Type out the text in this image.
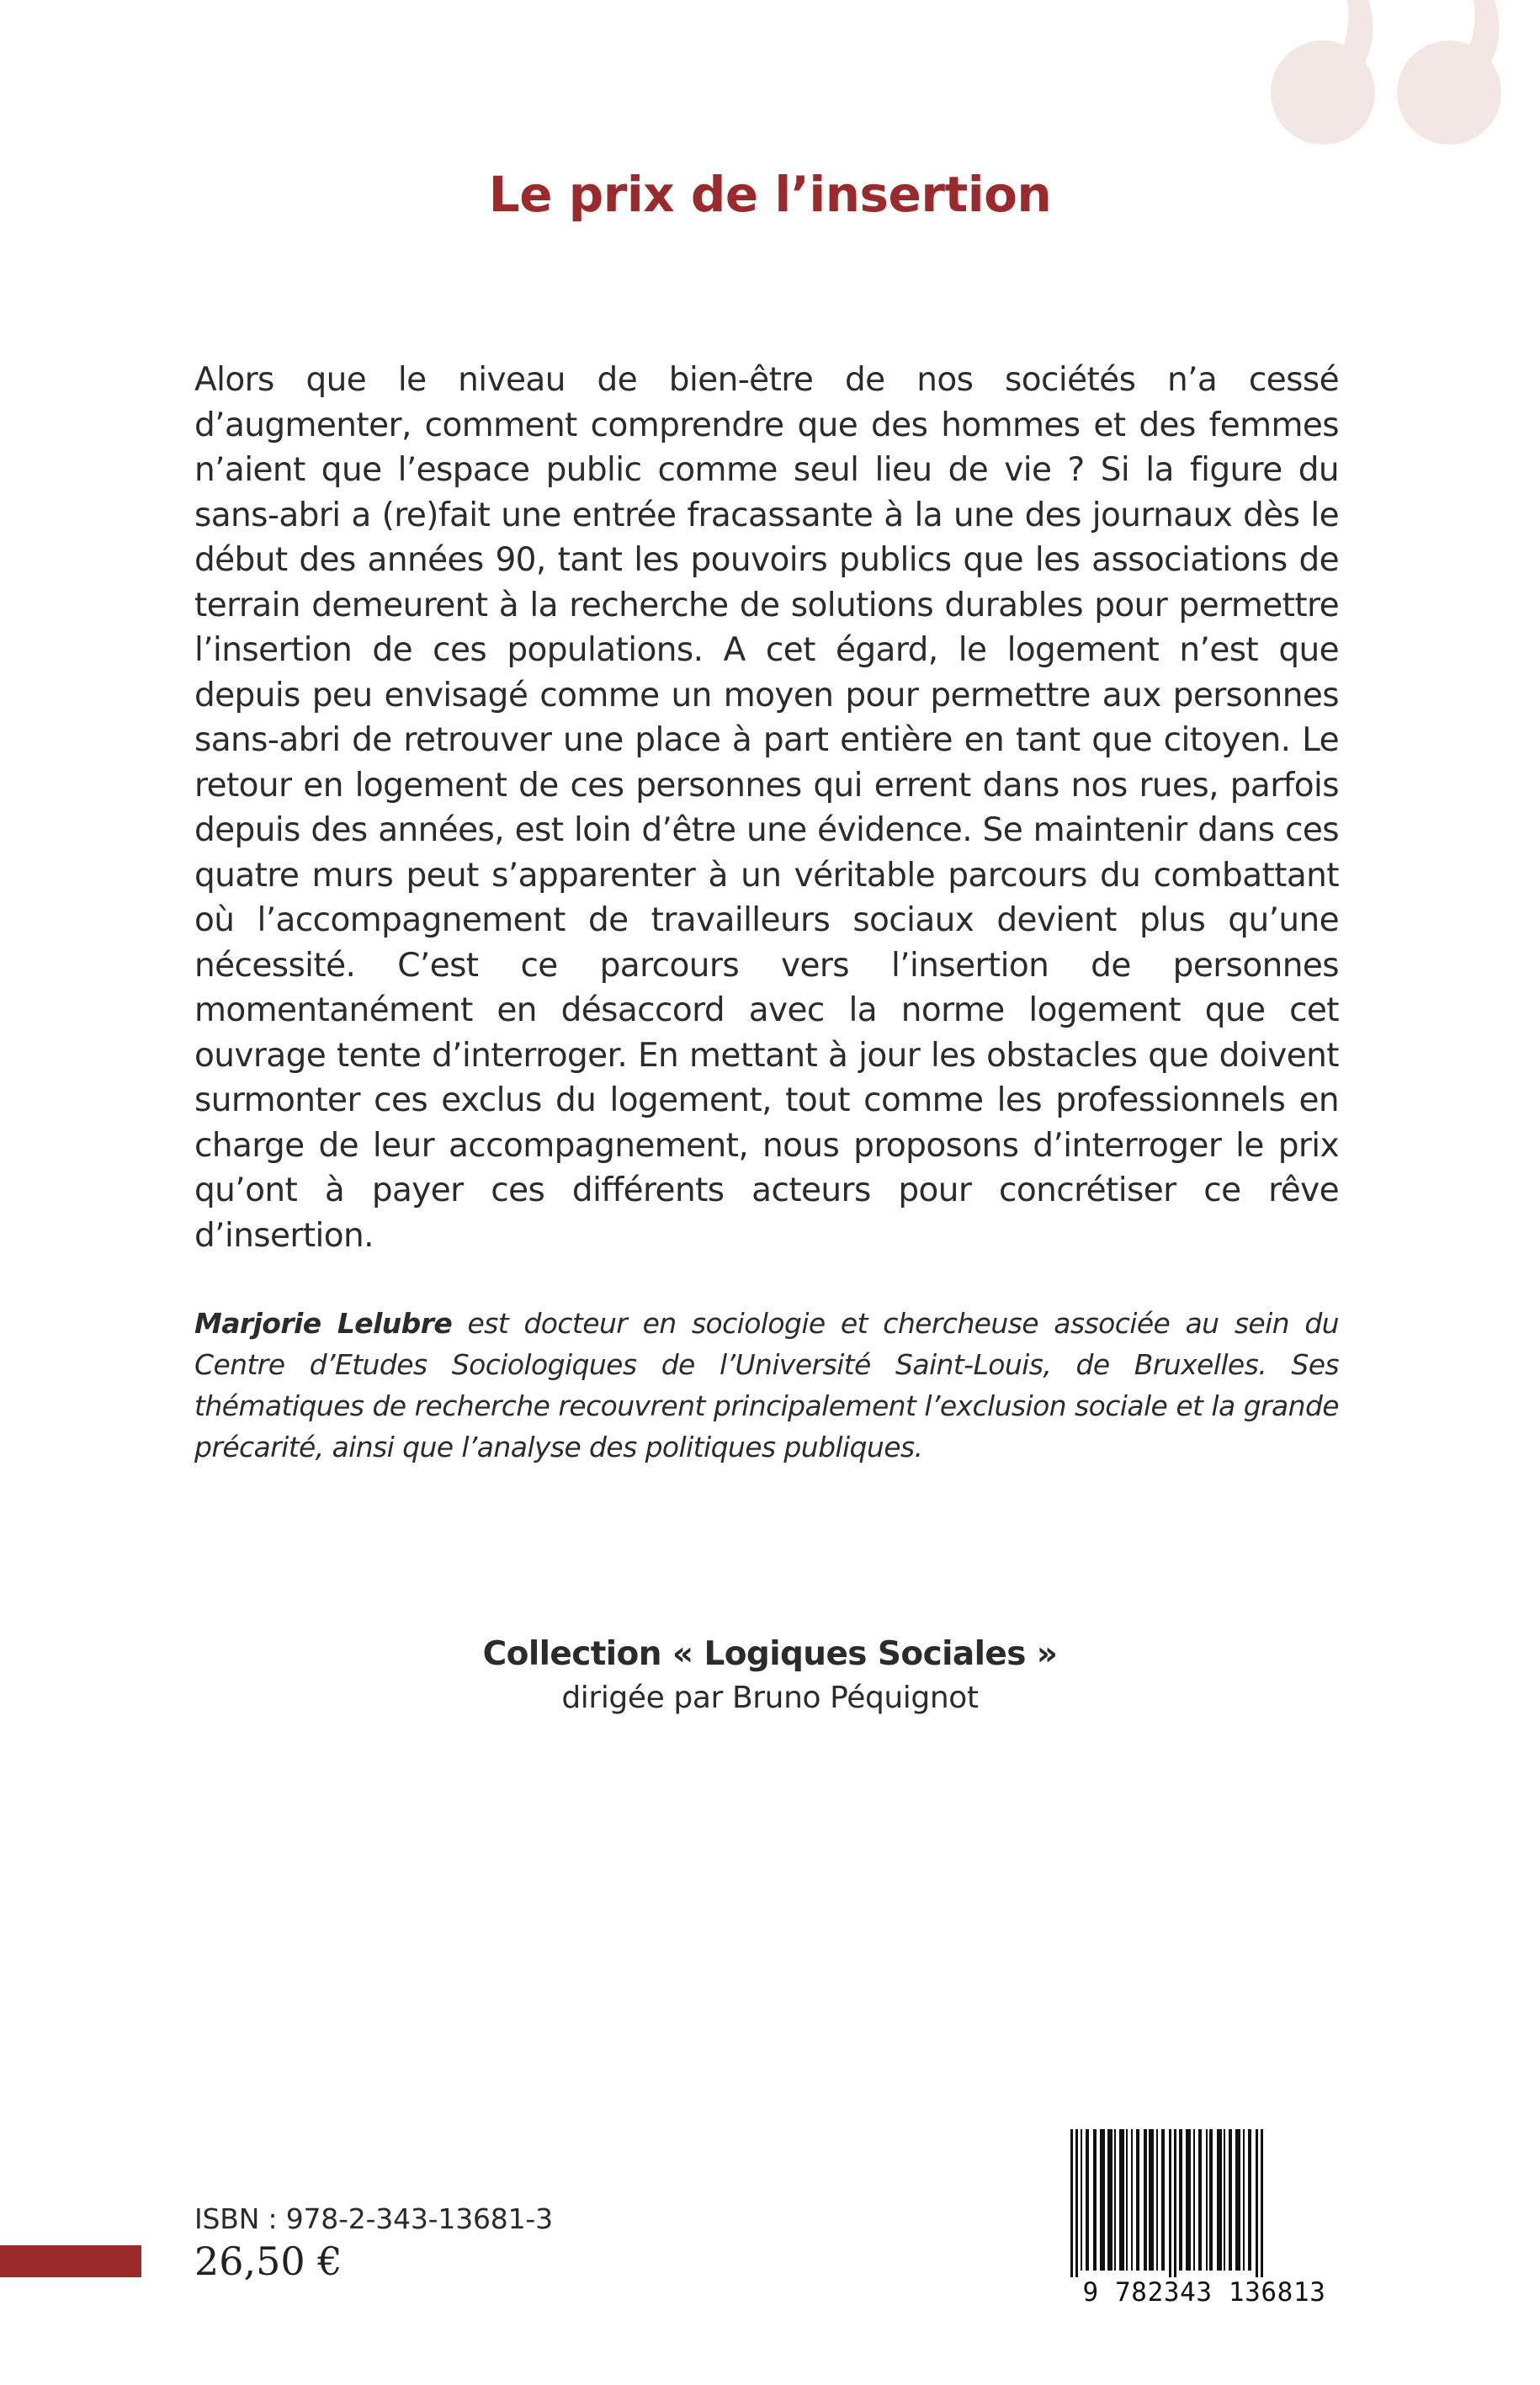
Le prix de l’insertion

Alors que le niveau de bien-être de nos sociétés n’a cessé d’augmenter, comment comprendre que des hommes et des femmes n’aient que l’espace public comme seul lieu de vie ? Si la figure du sans-abri a (re)fait une entrée fracassante à la une des journaux dès le début des années 90, tant les pouvoirs publics que les associations de terrain demeurent à la recherche de solutions durables pour permettre l’insertion de ces populations. A cet égard, le logement n’est que depuis peu envisagé comme un moyen pour permettre aux personnes sans-abri de retrouver une place à part entière en tant que citoyen. Le retour en logement de ces personnes qui errent dans nos rues, parfois depuis des années, est loin d’être une évidence. Se maintenir dans ces quatre murs peut s’apparenter à un véritable parcours du combattant où l’accompagnement de travailleurs sociaux devient plus qu’une nécessité. C’est ce parcours vers l’insertion de personnes momentanément en désaccord avec la norme logement que cet ouvrage tente d’interroger. En mettant à jour les obstacles que doivent surmonter ces exclus du logement, tout comme les professionnels en charge de leur accompagnement, nous proposons d’interroger le prix qu’ont à payer ces différents acteurs pour concrétiser ce rêve d’insertion.

Marjorie Lelubre est docteur en sociologie et chercheuse associée au sein du Centre d’Etudes Sociologiques de l’Université Saint-Louis, de Bruxelles. Ses thématiques de recherche recouvrent principalement l’exclusion sociale et la grande précarité, ainsi que l’analyse des politiques publiques.

Collection « Logiques Sociales »
dirigée par Bruno Péquignot
ISBN : 978-2-343-13681-3
26,50 €
9 782343 136813
